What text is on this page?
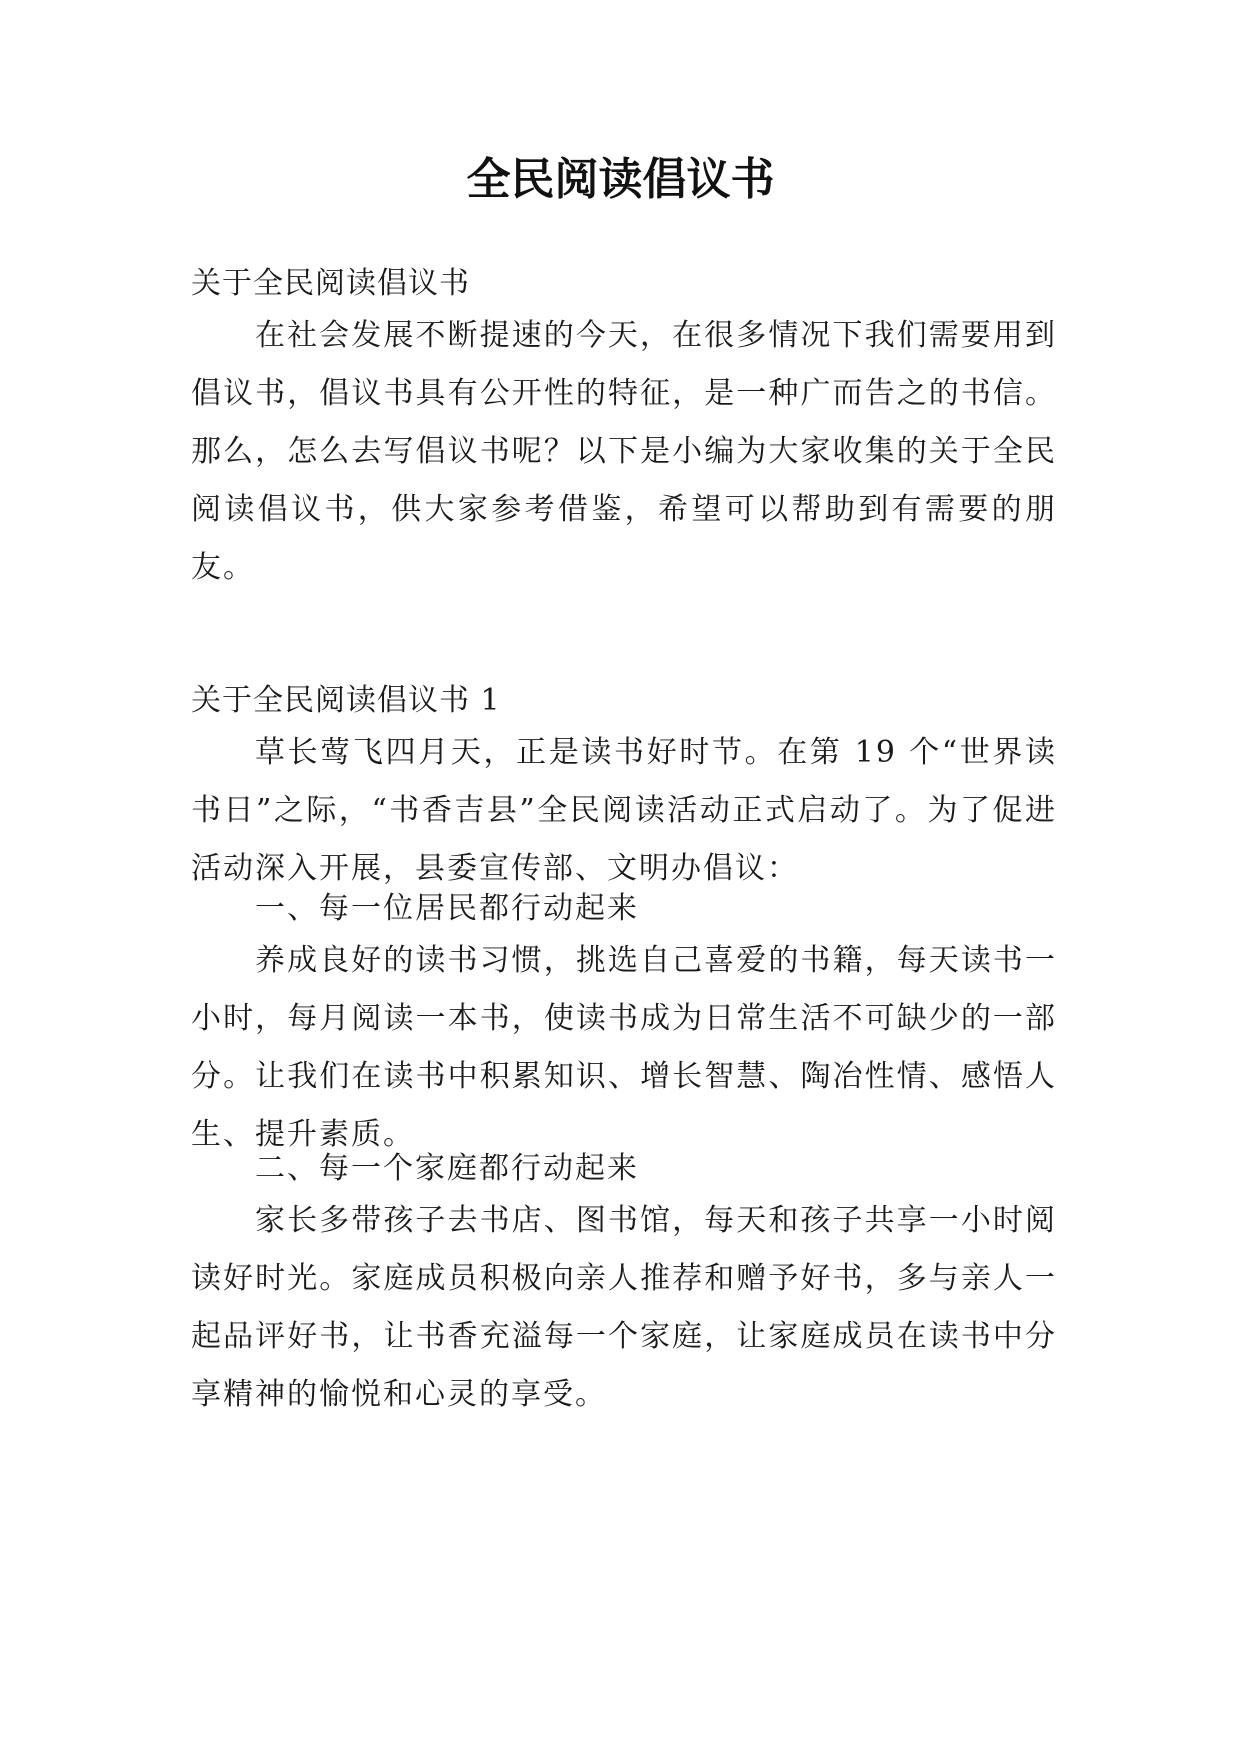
全民阅读倡议书
关于全民阅读倡议书
在社会发展不断提速的今天，在很多情况下我们需要用到倡议书，倡议书具有公开性的特征，是一种广而告之的书信。那么，怎么去写倡议书呢？以下是小编为大家收集的关于全民阅读倡议书，供大家参考借鉴，希望可以帮助到有需要的朋友。
关于全民阅读倡议书 1
草长莺飞四月天，正是读书好时节。在第 19 个“世界读书日”之际，“书香吉县”全民阅读活动正式启动了。为了促进活动深入开展，县委宣传部、文明办倡议：
一、每一位居民都行动起来
养成良好的读书习惯，挑选自己喜爱的书籍，每天读书一小时，每月阅读一本书，使读书成为日常生活不可缺少的一部分。让我们在读书中积累知识、增长智慧、陶冶性情、感悟人生、提升素质。
二、每一个家庭都行动起来
家长多带孩子去书店、图书馆，每天和孩子共享一小时阅读好时光。家庭成员积极向亲人推荐和赠予好书，多与亲人一起品评好书，让书香充溢每一个家庭，让家庭成员在读书中分享精神的愉悦和心灵的享受。
